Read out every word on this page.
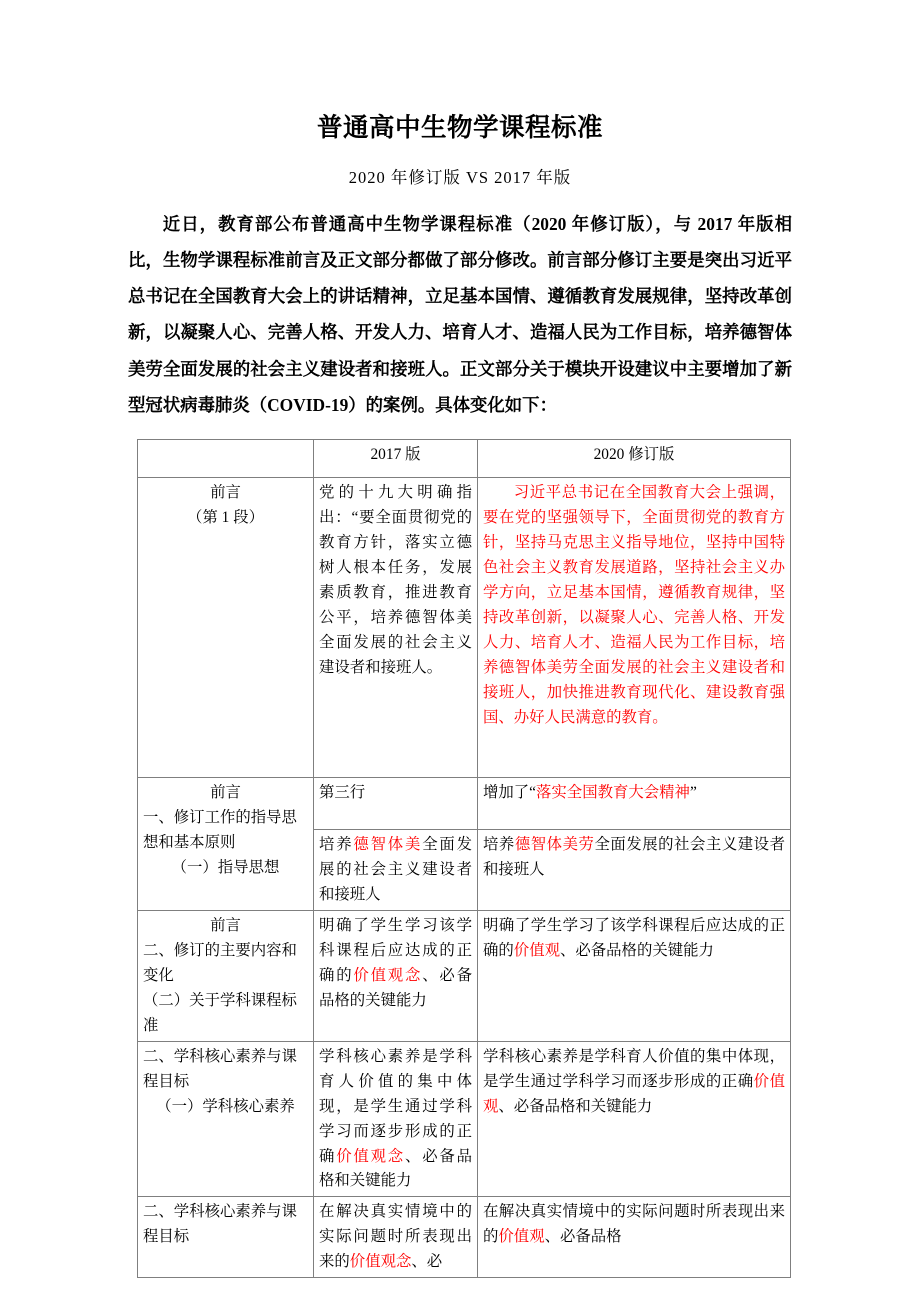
普通高中生物学课程标准
2020 年修订版 VS 2017 年版

近日，教育部公布普通高中生物学课程标准（2020 年修订版），与 2017 年版相比，生物学课程标准前言及正文部分都做了部分修改。前言部分修订主要是突出习近平总书记在全国教育大会上的讲话精神，立足基本国情、遵循教育发展规律，坚持改革创新，以凝聚人心、完善人格、开发人力、培育人才、造福人民为工作目标，培养德智体美劳全面发展的社会主义建设者和接班人。正文部分关于模块开设建议中主要增加了新型冠状病毒肺炎（COVID-19）的案例。具体变化如下：

	2017 版	2020 修订版

前言
（第 1 段）	党的十九大明确指出：“要全面贯彻党的教育方针，落实立德树人根本任务，发展素质教育，推进教育公平，培养德智体美全面发展的社会主义建设者和接班人。	习近平总书记在全国教育大会上强调，要在党的坚强领导下，全面贯彻党的教育方针，坚持马克思主义指导地位，坚持中国特色社会主义教育发展道路，坚持社会主义办学方向，立足基本国情，遵循教育规律，坚持改革创新，以凝聚人心、完善人格、开发人力、培育人才、造福人民为工作目标，培养德智体美劳全面发展的社会主义建设者和接班人，加快推进教育现代化、建设教育强国、办好人民满意的教育。

前言
一、修订工作的指导思
想和基本原则

（一）指导思想	第三行	增加了“落实全国教育大会精神”
	培养德智体美全面发展的社会主义建设者和接班人	培养德智体美劳全面发展的社会主义建设者和接班人

前言
二、修订的主要内容和
变化
（二）关于学科课程标
准	明确了学生学习该学科课程后应达成的正确的价值观念、必备品格的关键能力	明确了学生学习了该学科课程后应达成的正确的价值观、必备品格的关键能力
二、学科核心素养与课
程目标

（一）学科核心素养	学科核心素养是学科育人价值的集中体现，是学生通过学科学习而逐步形成的正确价值观念、必备品格和关键能力	学科核心素养是学科育人价值的集中体现，是学生通过学科学习而逐步形成的正确价值观、必备品格和关键能力
二、学科核心素养与课
程目标	在解决真实情境中的实际问题时所表现出来的价值观念、必	在解决真实情境中的实际问题时所表现出来的价值观、必备品格
